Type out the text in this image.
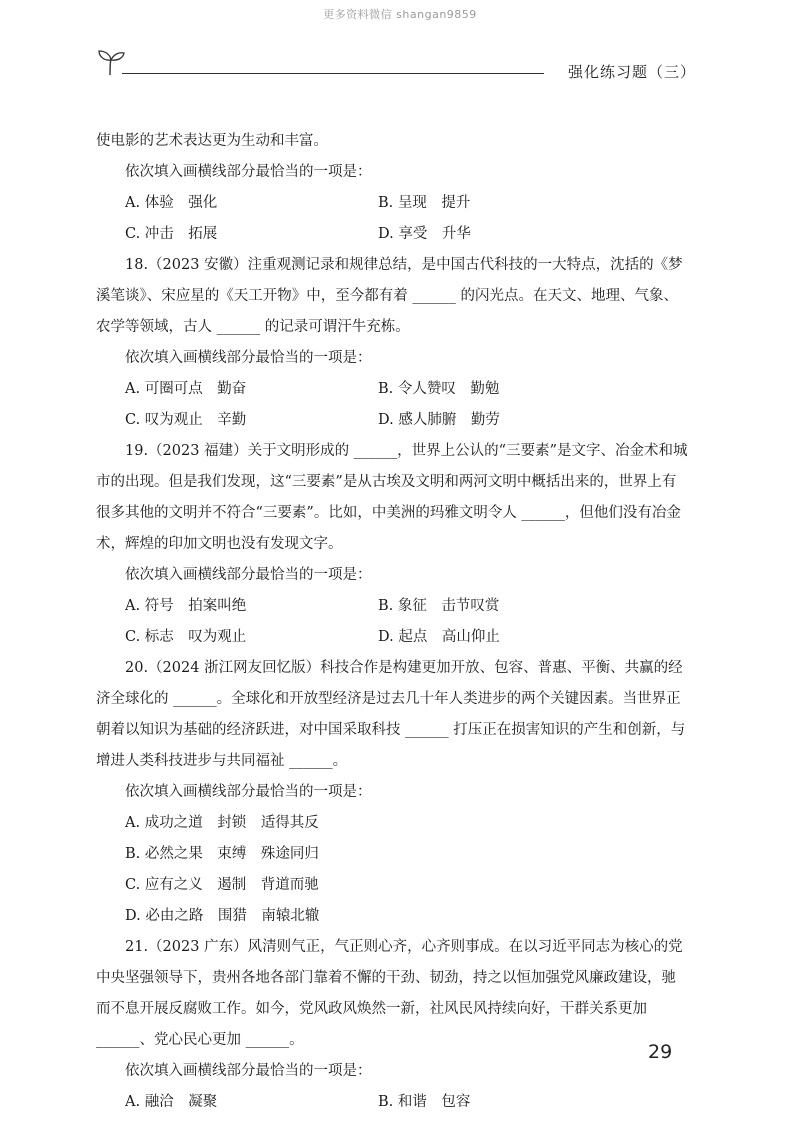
更多资料微信 shangan9859
强化练习题（三）

使电影的艺术表达更为生动和丰富。

依次填入画横线部分最恰当的一项是：

A. 体验　强化	B. 呈现　提升
C. 冲击　拓展	D. 享受　升华

18.（2023 安徽）注重观测记录和规律总结，是中国古代科技的一大特点，沈括的《梦溪笔谈》、宋应星的《天工开物》中，至今都有着 ______ 的闪光点。在天文、地理、气象、农学等领域，古人 ______ 的记录可谓汗牛充栋。

依次填入画横线部分最恰当的一项是：

A. 可圈可点　勤奋	B. 令人赞叹　勤勉
C. 叹为观止　辛勤	D. 感人肺腑　勤劳

19.（2023 福建）关于文明形成的 ______，世界上公认的“三要素”是文字、冶金术和城市的出现。但是我们发现，这“三要素”是从古埃及文明和两河文明中概括出来的，世界上有很多其他的文明并不符合“三要素”。比如，中美洲的玛雅文明令人 ______，但他们没有冶金术，辉煌的印加文明也没有发现文字。

依次填入画横线部分最恰当的一项是：

A. 符号　拍案叫绝	B. 象征　击节叹赏
C. 标志　叹为观止	D. 起点　高山仰止

20.（2024 浙江网友回忆版）科技合作是构建更加开放、包容、普惠、平衡、共赢的经济全球化的 ______。全球化和开放型经济是过去几十年人类进步的两个关键因素。当世界正朝着以知识为基础的经济跃进，对中国采取科技 ______ 打压正在损害知识的产生和创新，与增进人类科技进步与共同福祉 ______。

依次填入画横线部分最恰当的一项是：

A. 成功之道　封锁　适得其反
B. 必然之果　束缚　殊途同归
C. 应有之义　遏制　背道而驰
D. 必由之路　围猎　南辕北辙

21.（2023 广东）风清则气正，气正则心齐，心齐则事成。在以习近平同志为核心的党中央坚强领导下，贵州各地各部门靠着不懈的干劲、韧劲，持之以恒加强党风廉政建设，驰而不息开展反腐败工作。如今，党风政风焕然一新，社风民风持续向好，干群关系更加 ______、党心民心更加 ______。

依次填入画横线部分最恰当的一项是：

A. 融洽　凝聚	B. 和谐　包容
29
